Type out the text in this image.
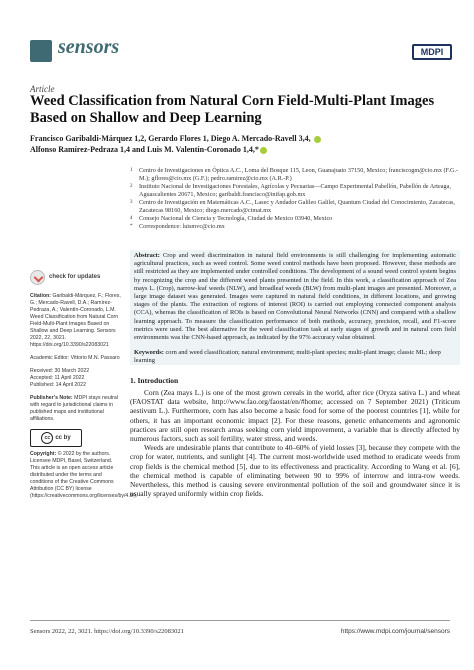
sensors	MDPI
Article
Weed Classification from Natural Corn Field-Multi-Plant Images Based on Shallow and Deep Learning
Francisco Garibaldi-Márquez 1,2, Gerardo Flores 1, Diego A. Mercado-Ravell 3,4,
Alfonso Ramírez-Pedraza 1,4 and Luis M. Valentín-Coronado 1,4,*
1	Centro de Investigaciones en Óptica A.C., Loma del Bosque 115, Leon, Guanajuato 37150, Mexico; franciscogm@cio.mx (F.G.-M.); gflores@cio.mx (G.F.); pedro.ramirez@cio.mx (A.R.-P.)
2	Instituto Nacional de Investigaciones Forestales, Agrícolas y Pecuarias—Campo Experimental Pabellón, Pabellón de Arteaga, Aguascalientes 20671, Mexico; garibaldi.francisco@inifap.gob.mx
3	Centro de Investigación en Matemáticas A.C., Lasec y Andador Galileo Galilei, Quantum Ciudad del Conocimiento, Zacatecas, Zacatecas 98160, Mexico; diego.mercado@cimat.mx
4	Consejo Nacional de Ciencia y Tecnología, Ciudad de Mexico 03940, Mexico
*	Correspondence: luismvc@cio.mx
Abstract: Crop and weed discrimination in natural field environments is still challenging for implementing automatic agricultural practices, such as weed control. Some weed control methods have been proposed. However, these methods are still restricted as they are implemented under controlled conditions. The development of a sound weed control system begins by recognizing the crop and the different weed plants presented in the field. In this work, a classification approach of Zea mays L. (Crop), narrow-leaf weeds (NLW), and broadleaf weeds (BLW) from multi-plant images are presented. Moreover, a large image dataset was generated. Images were captured in natural field conditions, in different locations, and growing stages of the plants. The extraction of regions of interest (ROI) is carried out employing connected component analysis (CCA), whereas the classification of ROIs is based on Convolutional Neural Networks (CNN) and compared with a shallow learning approach. To measure the classification performance of both methods, accuracy, precision, recall, and F1-score metrics were used. The best alternative for the weed classification task at early stages of growth and in natural corn field environments was the CNN-based approach, as indicated by the 97% accuracy value obtained.
Keywords: corn and weed classification; natural environment; multi-plant species; multi-plant image; classic ML; deep learning
check for updates

Citation: Garibaldi-Márquez, F.; Flores, G.; Mercado-Ravell, D.A.; Ramírez-Pedraza, A.; Valentín-Coronado, L.M. Weed Classification from Natural Corn Field-Multi-Plant Images Based on Shallow and Deep Learning. Sensors 2022, 22, 3021. https://doi.org/10.3390/s22083021

Academic Editor: Vittorio M.N. Passaro

Received: 30 March 2022
Accepted: 11 April 2022
Published: 14 April 2022

Publisher’s Note: MDPI stays neutral with regard to jurisdictional claims in published maps and institutional affiliations.

cc cc by

Copyright: © 2022 by the authors. Licensee MDPI, Basel, Switzerland. This article is an open access article distributed under the terms and conditions of the Creative Commons Attribution (CC BY) license (https://creativecommons.org/licenses/by/4.0/).

1. Introduction

Corn (Zea mays L.) is one of the most grown cereals in the world, after rice (Oryza sativa L.) and wheat (FAOSTAT data website, http://www.fao.org/faostat/en/#home; accessed on 7 September 2021) (Triticum aestivum L.). Furthermore, corn has also become a basic food for some of the poorest countries [1], while for others, it has an important economic impact [2]. For these reasons, genetic enhancements and agronomic practices are still open research areas seeking corn yield improvement, a variable that is directly affected by numerous factors, such as soil fertility, water stress, and weeds.

Weeds are undesirable plants that contribute to 40–60% of yield losses [3], because they compete with the crop for water, nutrients, and sunlight [4]. The current most-worldwide used method to eradicate weeds from crop fields is the chemical method [5], due to its effectiveness and practicality. According to Wang et al. [6], the chemical method is capable of eliminating between 90 to 99% of interrow and intra-row weeds. Nevertheless, this method is causing severe environmental pollution of the soil and groundwater since it is usually sprayed uniformly within crop fields.

Sensors 2022, 22, 3021. https://doi.org/10.3390/s22083021	https://www.mdpi.com/journal/sensors
